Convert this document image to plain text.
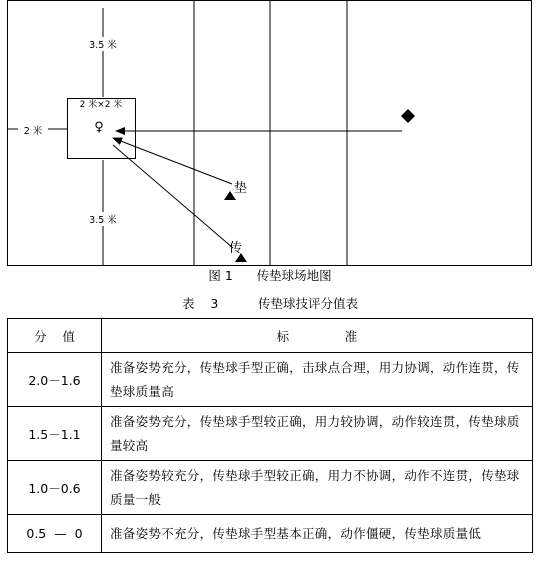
3.5 米
3.5 米
2 米
2 米×2 米
♀
垫
传
图 1      传垫球场地图
表    3          传垫球技评分值表
分    值	标              准
2.0－1.6	准备姿势充分，传垫球手型正确，击球点合理，用力协调，动作连贯，传垫球质量高
1.5－1.1	准备姿势充分，传垫球手型较正确，用力较协调，动作较连贯，传垫球质量较高
1.0－0.6	准备姿势较充分，传垫球手型较正确，用力不协调，动作不连贯，传垫球质量一般
0.5  —  0	准备姿势不充分，传垫球手型基本正确，动作僵硬，传垫球质量低
